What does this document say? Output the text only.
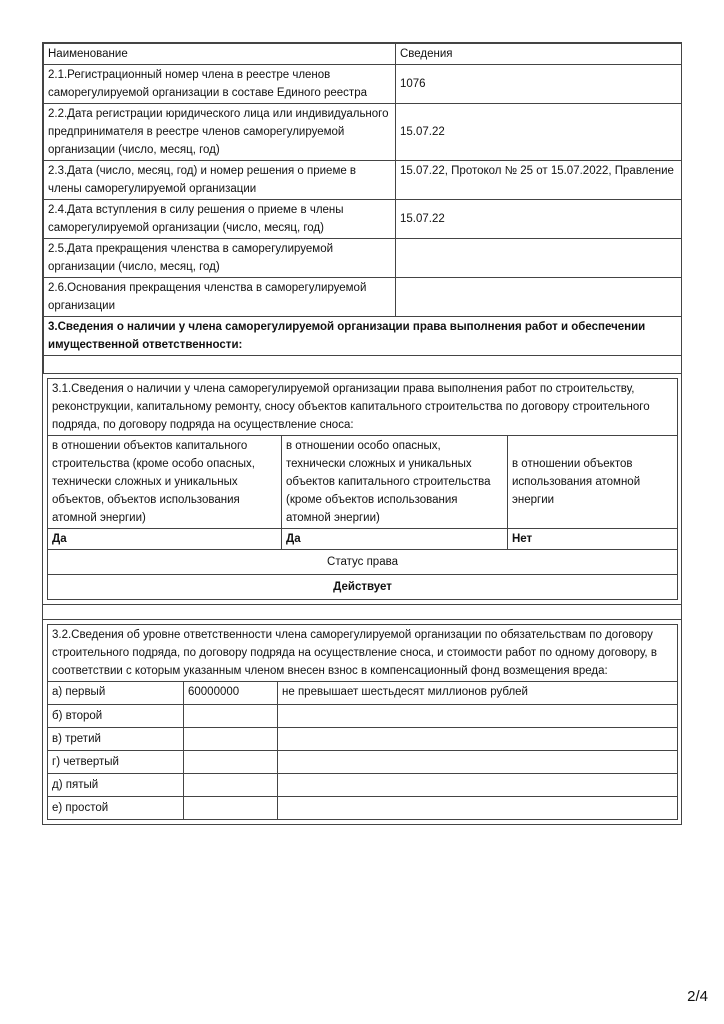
Наименование	Сведения
2.1.Регистрационный номер члена в реестре членов саморегулируемой организации в составе Единого реестра	1076
2.2.Дата регистрации юридического лица или индивидуального предпринимателя в реестре членов саморегулируемой организации (число, месяц, год)	15.07.22
2.3.Дата (число, месяц, год) и номер решения о приеме в члены саморегулируемой организации	15.07.22, Протокол № 25 от 15.07.2022, Правление
2.4.Дата вступления в силу решения о приеме в члены саморегулируемой организации (число, месяц, год)	15.07.22
2.5.Дата прекращения членства в саморегулируемой организации (число, месяц, год)	
2.6.Основания прекращения членства в саморегулируемой организации	
3.Сведения о наличии у члена саморегулируемой организации права выполнения работ и обеспечении имущественной ответственности:	

3.1.Сведения о наличии у члена саморегулируемой организации права выполнения работ по строительству, реконструкции, капитальному ремонту, сносу объектов капитального строительства по договору строительного подряда, по договору подряда на осуществление сноса:		
в отношении объектов капитального строительства (кроме особо опасных, технически сложных и уникальных объектов, объектов использования атомной энергии)	в отношении особо опасных, технически сложных и уникальных объектов капитального строительства (кроме объектов использования атомной энергии)	в отношении объектов использования атомной энергии
Да	Да	Нет
Статус права		
Действует		
3.2.Сведения об уровне ответственности члена саморегулируемой организации по обязательствам по договору строительного подряда, по договору подряда на осуществление сноса, и стоимости работ по одному договору, в соответствии с которым указанным членом внесен взнос в компенсационный фонд возмещения вреда:		
а) первый	60000000	не превышает шестьдесят миллионов рублей
б) второй		
в) третий		
г) четвертый		
д) пятый		
е) простой		
2/4
